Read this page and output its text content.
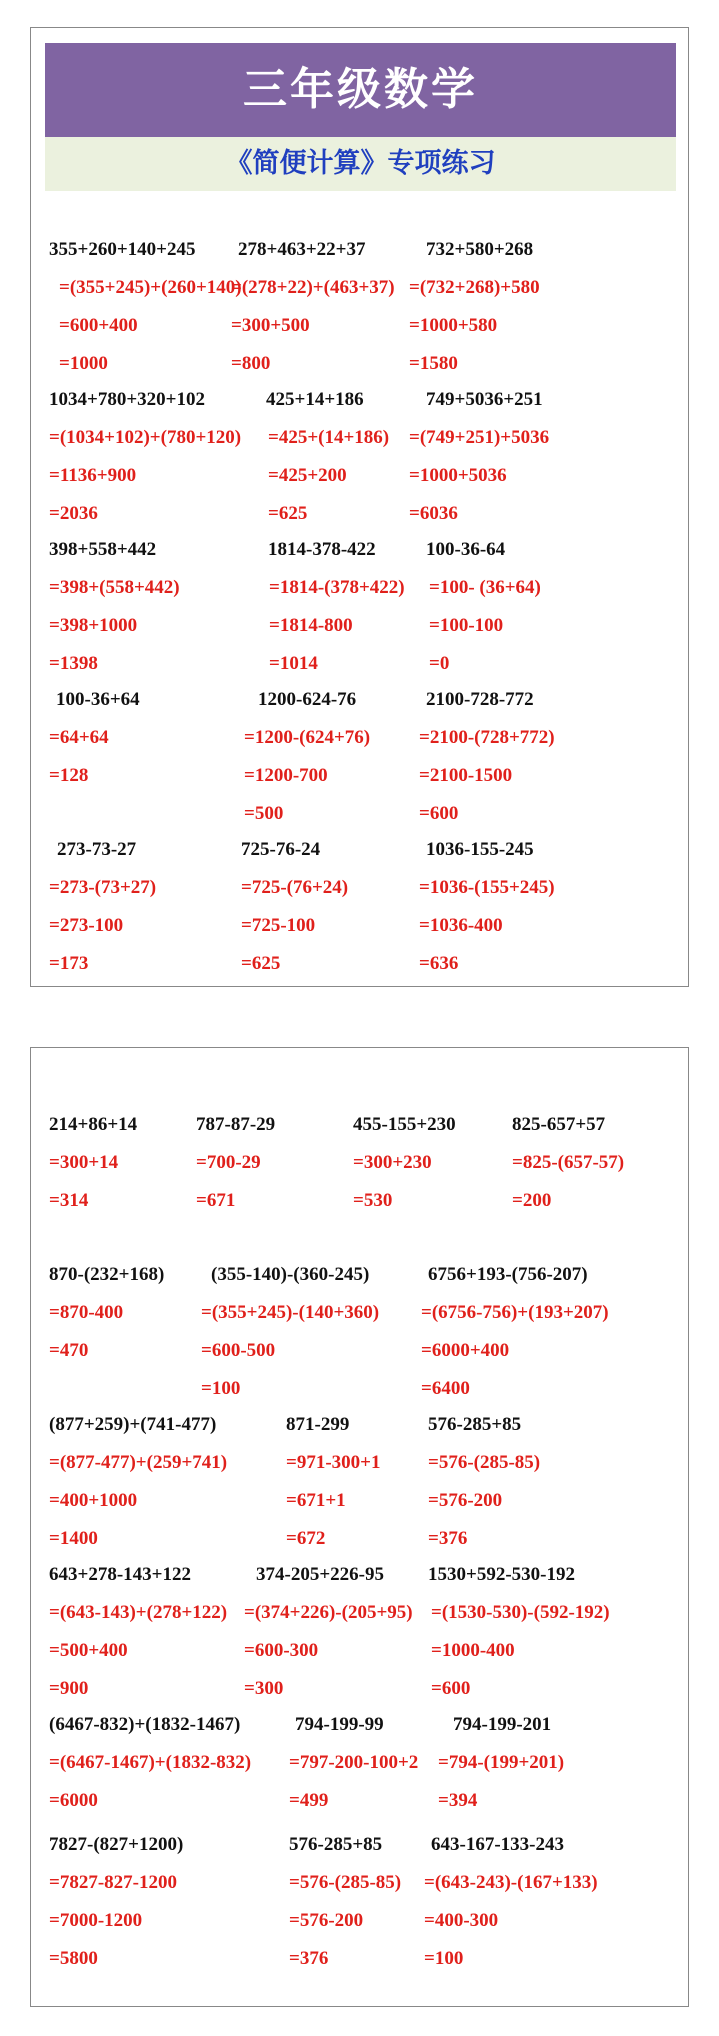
三年级数学
《简便计算》专项练习
355+260+140+245
=(355+245)+(260+140)
=600+400
=1000
278+463+22+37
=(278+22)+(463+37)
=300+500
=800
732+580+268
=(732+268)+580
=1000+580
=1580
1034+780+320+102
=(1034+102)+(780+120)
=1136+900
=2036
425+14+186
=425+(14+186)
=425+200
=625
749+5036+251
=(749+251)+5036
=1000+5036
=6036
398+558+442
=398+(558+442)
=398+1000
=1398
1814-378-422
=1814-(378+422)
=1814-800
=1014
100-36-64
=100- (36+64)
=100-100
=0
100-36+64
=64+64
=128
1200-624-76
=1200-(624+76)
=1200-700
=500
2100-728-772
=2100-(728+772)
=2100-1500
=600
273-73-27
=273-(73+27)
=273-100
=173
725-76-24
=725-(76+24)
=725-100
=625
1036-155-245
=1036-(155+245)
=1036-400
=636
214+86+14
=300+14
=314
787-87-29
=700-29
=671
455-155+230
=300+230
=530
825-657+57
=825-(657-57)
=200
870-(232+168)
=870-400
=470
(355-140)-(360-245)
=(355+245)-(140+360)
=600-500
=100
6756+193-(756-207)
=(6756-756)+(193+207)
=6000+400
=6400
(877+259)+(741-477)
=(877-477)+(259+741)
=400+1000
=1400
871-299
=971-300+1
=671+1
=672
576-285+85
=576-(285-85)
=576-200
=376
643+278-143+122
=(643-143)+(278+122)
=500+400
=900
374-205+226-95
=(374+226)-(205+95)
=600-300
=300
1530+592-530-192
=(1530-530)-(592-192)
=1000-400
=600
(6467-832)+(1832-1467)
=(6467-1467)+(1832-832)
=6000
794-199-99
=797-200-100+2
=499
794-199-201
=794-(199+201)
=394
7827-(827+1200)
=7827-827-1200
=7000-1200
=5800
576-285+85
=576-(285-85)
=576-200
=376
643-167-133-243
=(643-243)-(167+133)
=400-300
=100
